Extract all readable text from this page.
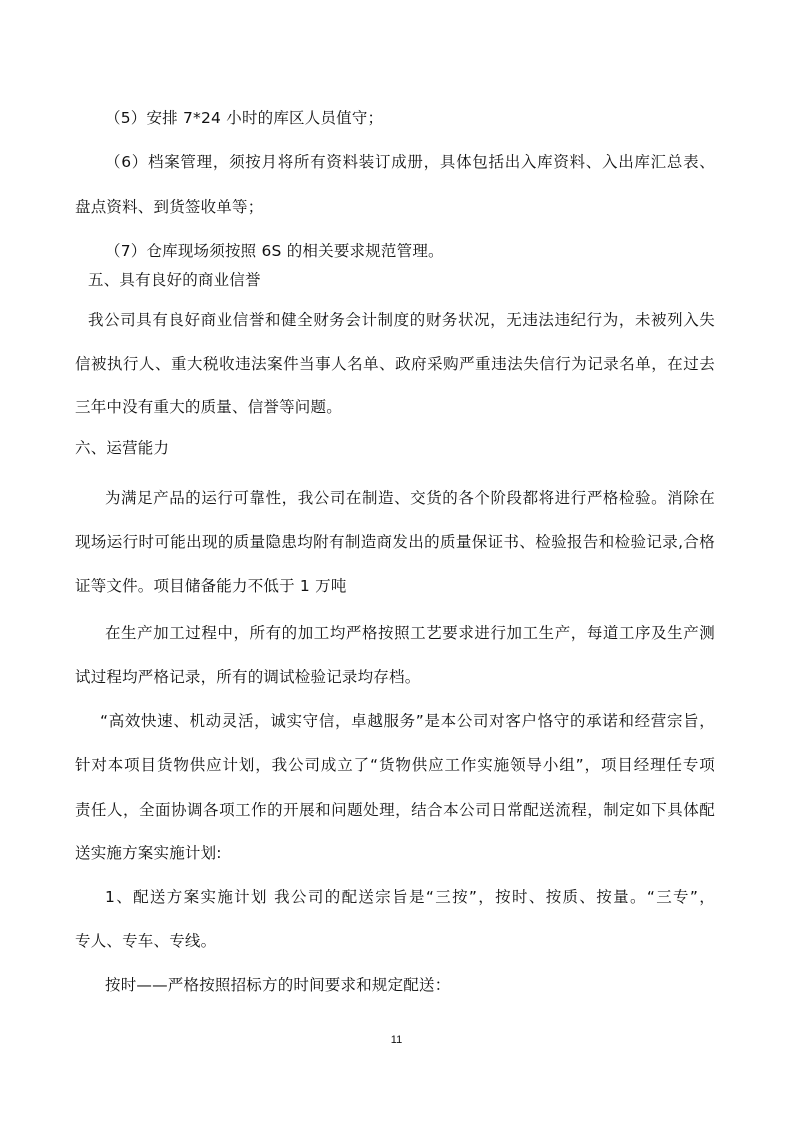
（5）安排 7*24 小时的库区人员值守；
（6）档案管理，须按月将所有资料装订成册，具体包括出入库资料、入出库汇总表、
盘点资料、到货签收单等；
（7）仓库现场须按照 6S 的相关要求规范管理。
五、具有良好的商业信誉
我公司具有良好商业信誉和健全财务会计制度的财务状况，无违法违纪行为，未被列入失
信被执行人、重大税收违法案件当事人名单、政府采购严重违法失信行为记录名单，在过去
三年中没有重大的质量、信誉等问题。
六、运营能力
为满足产品的运行可靠性，我公司在制造、交货的各个阶段都将进行严格检验。消除在
现场运行时可能出现的质量隐患均附有制造商发出的质量保证书、检验报告和检验记录,合格
证等文件。项目储备能力不低于 1 万吨
在生产加工过程中，所有的加工均严格按照工艺要求进行加工生产，每道工序及生产测
试过程均严格记录，所有的调试检验记录均存档。
“高效快速、机动灵活，诚实守信，卓越服务”是本公司对客户恪守的承诺和经营宗旨，
针对本项目货物供应计划，我公司成立了“货物供应工作实施领导小组”，项目经理任专项
责任人，全面协调各项工作的开展和问题处理，结合本公司日常配送流程，制定如下具体配
送实施方案实施计划:
1、配送方案实施计划 我公司的配送宗旨是“三按”，按时、按质、按量。“三专”，
专人、专车、专线。
按时——严格按照招标方的时间要求和规定配送：
11
